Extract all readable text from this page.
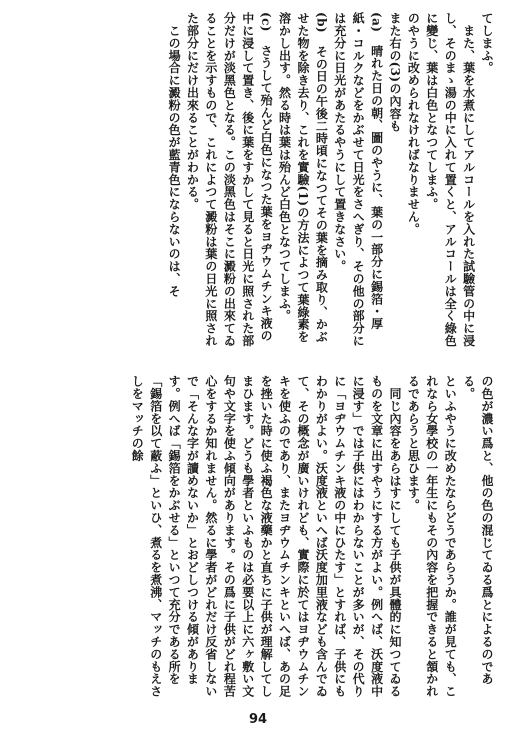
てしまふ。
　また、葉を水煮にしてアルコールを入れた試驗管の中に浸し、そのまゝ湯の中に入れて置くと、アルコールは全く綠色に變じ、葉は白色となつてしまふ。
のやうに改められなければなりません。
また右の(3)の內容も
(a)　晴れた日の朝、圖のやうに、葉の一部分に錫箔・厚紙・コルクなどをかぶせて日光をさへぎり、その他の部分には充分に日光があたるやうにして置きなさい。
(b)　その日の午後二時頃になつてその葉を摘み取り、かぶせた物を除き去り、これを實驗(1)の方法によつて葉綠素を溶かし出す。然る時は葉は殆んど白色となつてしまふ。
(c)　さうして殆んど白色になつた葉をヨヂウムチンキ液の中に浸して置き、後に葉をすかして見ると日光に照された部分だけが淡黑色となる。この淡黑色はそこに澱粉の出來てゐることを示すもので、これによつて澱粉は葉の日光に照された部分にだけ出來ることがわかる。
　この場合に澱粉の色が藍青色にならないのは、そ
の色が濃い爲と、他の色の混じてゐる爲とによるのである。
といふやうに改めたならどうであらうか。誰が見ても、これなら女學校の一年生にもその內容を把握できると頷かれるであらうと思ひます。
　同じ內容をあらはすにしても子供が具體的に知つてゐるものを文章に出すやうにする方がよい。例へば、沃度液中に浸す」では子供にはわからないことが多いが、その代りに「ヨヂウムチンキ液の中にひたす」とすれば、子供にもわかりがよい。沃度液といへば沃度加里液なども含んでゐて、その概念が廣いけれども、實際に於てはヨヂウムチンキを使ふのであり、またヨヂウムチンキといへば、あの足を挫いた時に使ふ褐色な液藥かと直ちに子供が理解してしまひます。どうも學者といふものは必要以上に六ヶ敷い文句や文字を使ふ傾向があります。その爲に子供がどれ程苦心をするか知れません。然るに學者がどれだけ反省しないで「そんな字が讀めないか」とおどしつける傾があります。例へば「錫箔をかぶせる」といつて充分である所を「錫箔を以て蔽ふ」といひ、煮るを煮沸、マッチのもえさしをマッチの餘
94
